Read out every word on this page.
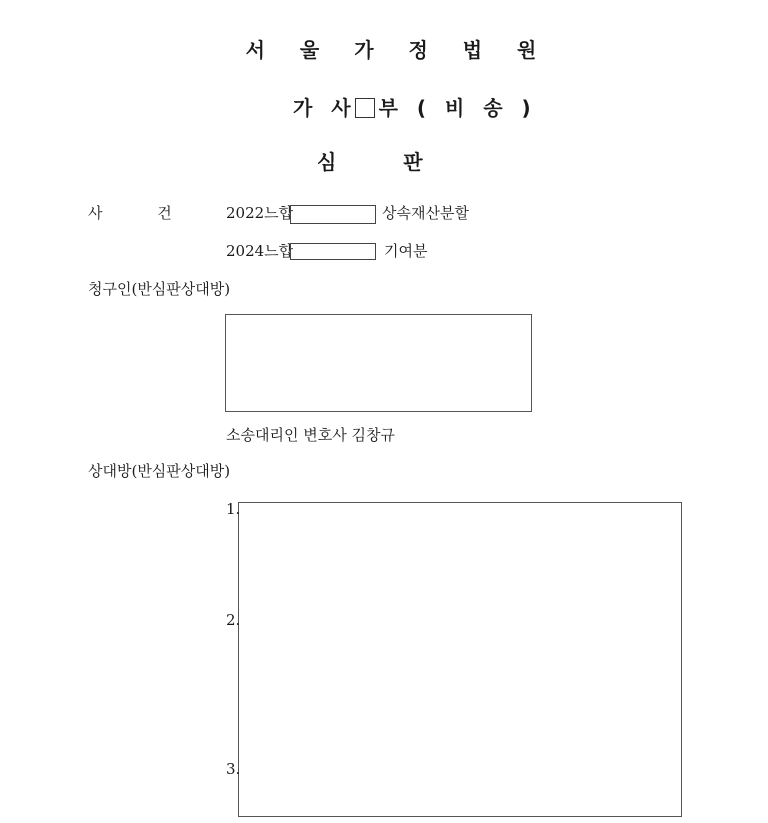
서 울 가 정 법 원
가 사 부 ( 비 송 )
심 판
사 건	2022느합	상속재산분할
2024느합	기여분
청구인(반심판상대방)
소송대리인 변호사 김창규
상대방(반심판상대방)
1.
2.
3.
